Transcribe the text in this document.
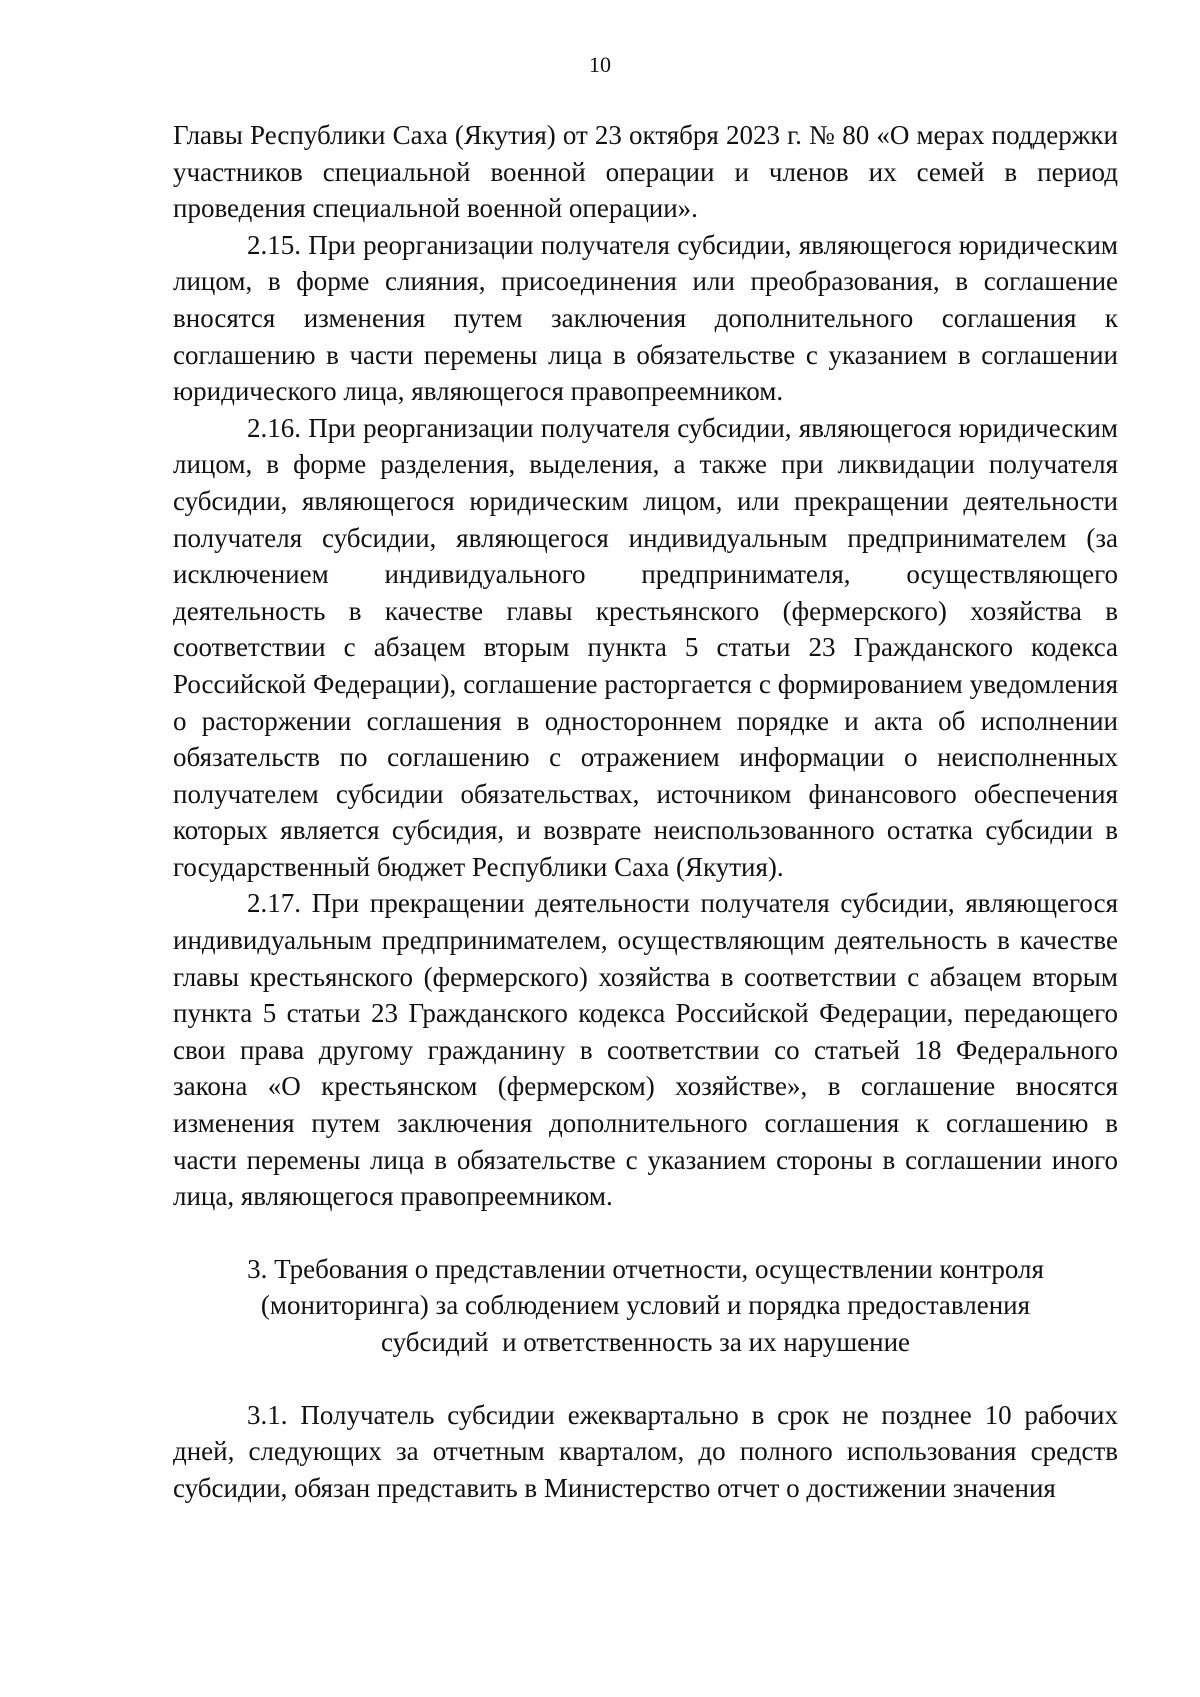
10

Главы Республики Саха (Якутия) от 23 октября 2023 г. № 80 «О мерах поддержки участников специальной военной операции и членов их семей в период проведения специальной военной операции».

2.15. При реорганизации получателя субсидии, являющегося юридическим лицом, в форме слияния, присоединения или преобразования, в соглашение вносятся изменения путем заключения дополнительного соглашения к соглашению в части перемены лица в обязательстве с указанием в соглашении юридического лица, являющегося правопреемником.

2.16. При реорганизации получателя субсидии, являющегося юридическим лицом, в форме разделения, выделения, а также при ликвидации получателя субсидии, являющегося юридическим лицом, или прекращении деятельности получателя субсидии, являющегося индивидуальным предпринимателем (за исключением индивидуального предпринимателя, осуществляющего деятельность в качестве главы крестьянского (фермерского) хозяйства в соответствии с абзацем вторым пункта 5 статьи 23 Гражданского кодекса Российской Федерации), соглашение расторгается с формированием уведомления о расторжении соглашения в одностороннем порядке и акта об исполнении обязательств по соглашению с отражением информации о неисполненных получателем субсидии обязательствах, источником финансового обеспечения которых является субсидия, и возврате неиспользованного остатка субсидии в государственный бюджет Республики Саха (Якутия).

2.17. При прекращении деятельности получателя субсидии, являющегося индивидуальным предпринимателем, осуществляющим деятельность в качестве главы крестьянского (фермерского) хозяйства в соответствии с абзацем вторым пункта 5 статьи 23 Гражданского кодекса Российской Федерации, передающего свои права другому гражданину в соответствии со статьей 18 Федерального закона «О крестьянском (фермерском) хозяйстве», в соглашение вносятся изменения путем заключения дополнительного соглашения к соглашению в части перемены лица в обязательстве с указанием стороны в соглашении иного лица, являющегося правопреемником.

3. Требования о представлении отчетности, осуществлении контроля
(мониторинга) за соблюдением условий и порядка предоставления
субсидий  и ответственность за их нарушение

3.1. Получатель субсидии ежеквартально в срок не позднее 10 рабочих дней, следующих за отчетным кварталом, до полного использования средств субсидии, обязан представить в Министерство отчет о достижении значения
